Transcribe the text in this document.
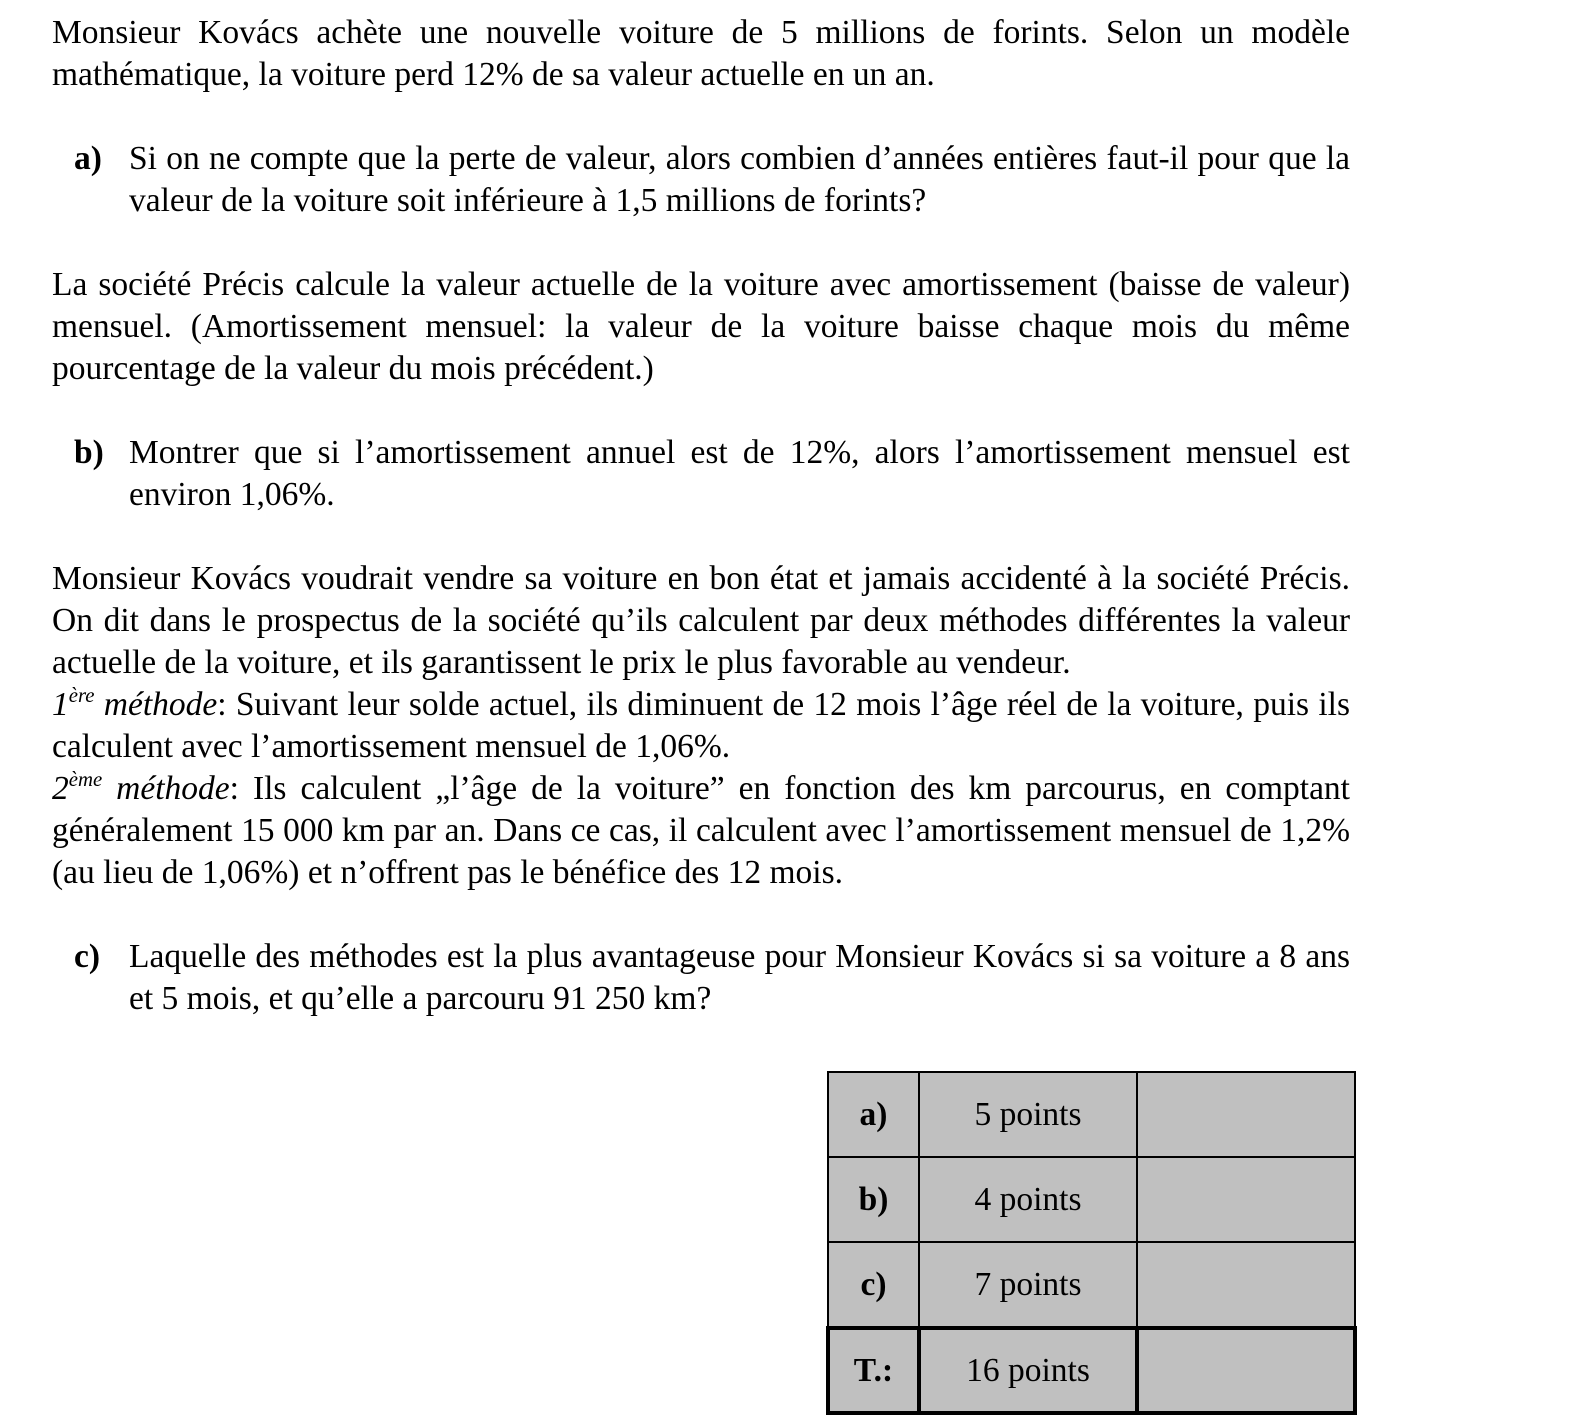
Monsieur Kovács achète une nouvelle voiture de 5 millions de forints. Selon un modèle mathématique, la voiture perd 12% de sa valeur actuelle en un an.

a) Si on ne compte que la perte de valeur, alors combien d’années entières faut-il pour que la valeur de la voiture soit inférieure à 1,5 millions de forints?

La société Précis calcule la valeur actuelle de la voiture avec amortissement (baisse de valeur) mensuel. (Amortissement mensuel: la valeur de la voiture baisse chaque mois du même pourcentage de la valeur du mois précédent.)

b) Montrer que si l’amortissement annuel est de 12%, alors l’amortissement mensuel est environ 1,06%.

Monsieur Kovács voudrait vendre sa voiture en bon état et jamais accidenté à la société Précis. On dit dans le prospectus de la société qu’ils calculent par deux méthodes différentes la valeur actuelle de la voiture, et ils garantissent le prix le plus favorable au vendeur.

1ère méthode: Suivant leur solde actuel, ils diminuent de 12 mois l’âge réel de la voiture, puis ils calculent avec l’amortissement mensuel de 1,06%.

2ème méthode: Ils calculent „l’âge de la voiture” en fonction des km parcourus, en comptant généralement 15 000 km par an. Dans ce cas, il calculent avec l’amortissement mensuel de 1,2% (au lieu de 1,06%) et n’offrent pas le bénéfice des 12 mois.

c) Laquelle des méthodes est la plus avantageuse pour Monsieur Kovács si sa voiture a 8 ans et 5 mois, et qu’elle a parcouru 91 250 km?
a)	5 points	
b)	4 points	
c)	7 points	
T.:	16 points	
